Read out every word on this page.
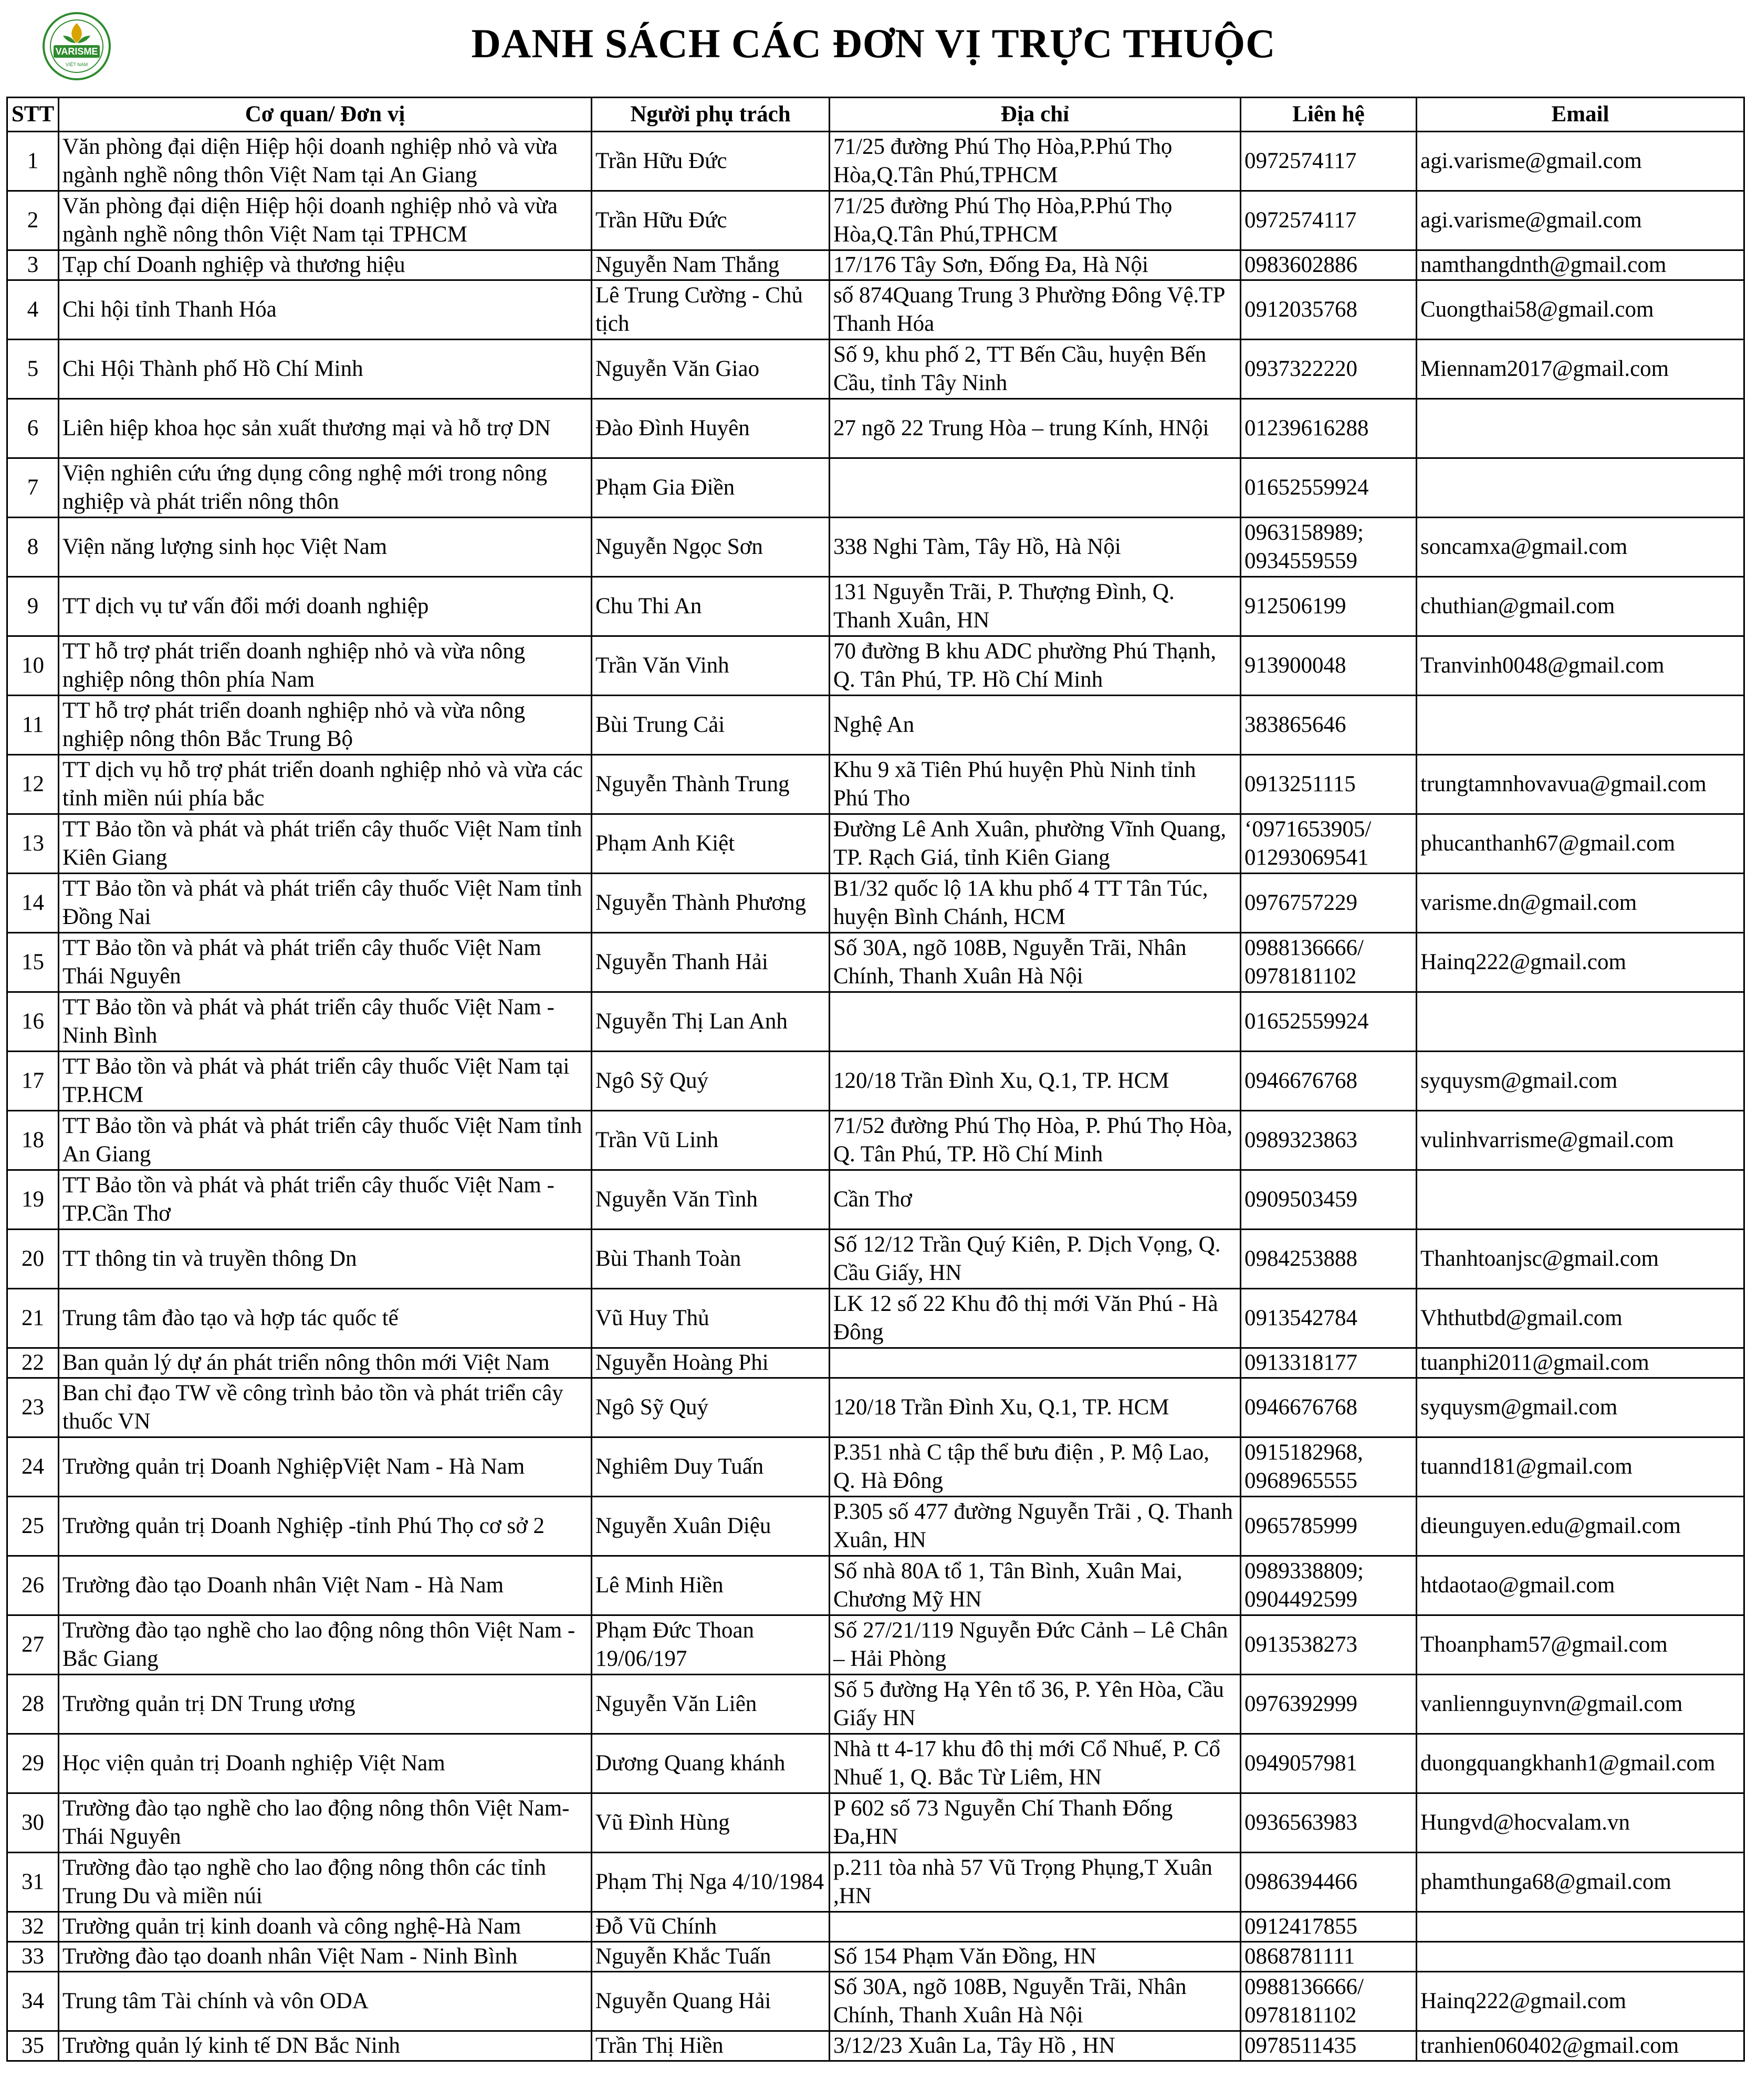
VARISME
VIỆT NAM	DANH SÁCH CÁC ĐƠN VỊ TRỰC THUỘC
STT	Cơ quan/ Đơn vị	Người phụ trách	Địa chỉ	Liên hệ	Email
1	Văn phòng đại diện Hiệp hội doanh nghiệp nhỏ và vừa ngành nghề nông thôn Việt Nam tại An Giang	Trần Hữu Đức	71/25 đường Phú Thọ Hòa,P.Phú Thọ Hòa,Q.Tân Phú,TPHCM	0972574117	agi.varisme@gmail.com
2	Văn phòng đại diện Hiệp hội doanh nghiệp nhỏ và vừa ngành nghề nông thôn Việt Nam tại TPHCM	Trần Hữu Đức	71/25 đường Phú Thọ Hòa,P.Phú Thọ Hòa,Q.Tân Phú,TPHCM	0972574117	agi.varisme@gmail.com
3	Tạp chí Doanh nghiệp và thương hiệu	Nguyễn Nam Thắng	17/176 Tây Sơn, Đống Đa, Hà Nội	0983602886	namthangdnth@gmail.com
4	Chi hội tỉnh Thanh Hóa	Lê Trung Cường - Chủ tịch	số 874Quang Trung 3 Phường Đông Vệ.TP Thanh Hóa	0912035768	Cuongthai58@gmail.com
5	Chi Hội Thành phố Hồ Chí Minh	Nguyễn Văn Giao	Số 9, khu phố 2, TT Bến Cầu, huyện Bến Cầu, tỉnh Tây Ninh	0937322220	Miennam2017@gmail.com
6	Liên hiệp khoa học sản xuất thương mại và hỗ trợ DN	Đào Đình Huyên	27 ngõ 22 Trung Hòa – trung Kính, HNội	01239616288	
7	Viện nghiên cứu ứng dụng công nghệ mới trong nông nghiệp và phát triển nông thôn	Phạm Gia Điền		01652559924	
8	Viện năng lượng sinh học Việt Nam	Nguyễn Ngọc Sơn	338 Nghi Tàm, Tây Hồ, Hà Nội	0963158989; 0934559559	soncamxa@gmail.com
9	TT dịch vụ tư vấn đổi mới doanh nghiệp	Chu Thi An	131 Nguyễn Trãi, P. Thượng Đình, Q. Thanh Xuân, HN	912506199	chuthian@gmail.com
10	TT hỗ trợ phát triển doanh nghiệp nhỏ và vừa nông nghiệp nông thôn phía Nam	Trần Văn Vinh	70 đường B khu ADC phường Phú Thạnh, Q. Tân Phú, TP. Hồ Chí Minh	913900048	Tranvinh0048@gmail.com
11	TT hỗ trợ phát triển doanh nghiệp nhỏ và vừa nông nghiệp nông thôn Bắc Trung Bộ	Bùi Trung Cải	Nghệ An	383865646	
12	TT dịch vụ hỗ trợ phát triển doanh nghiệp nhỏ và vừa các tỉnh miền núi phía bắc	Nguyễn Thành Trung	Khu 9 xã Tiên Phú huyện Phù Ninh tỉnh Phú Tho	0913251115	trungtamnhovavua@gmail.com
13	TT Bảo tồn và phát và phát triển cây thuốc Việt Nam tỉnh Kiên Giang	Phạm Anh Kiệt	Đường Lê Anh Xuân, phường Vĩnh Quang, TP. Rạch Giá, tỉnh Kiên Giang	‘0971653905/ 01293069541	phucanthanh67@gmail.com
14	TT Bảo tồn và phát và phát triển cây thuốc Việt Nam tỉnh Đồng Nai	Nguyễn Thành Phương	B1/32 quốc lộ 1A khu phố 4 TT Tân Túc, huyện Bình Chánh, HCM	0976757229	varisme.dn@gmail.com
15	TT Bảo tồn và phát và phát triển cây thuốc Việt Nam Thái Nguyên	Nguyễn Thanh Hải	Số 30A, ngõ 108B, Nguyễn Trãi, Nhân Chính, Thanh Xuân Hà Nội	0988136666/ 0978181102	Hainq222@gmail.com
16	TT Bảo tồn và phát và phát triển cây thuốc Việt Nam - Ninh Bình	Nguyễn Thị Lan Anh		01652559924	
17	TT Bảo tồn và phát và phát triển cây thuốc Việt Nam tại TP.HCM	Ngô Sỹ Quý	120/18 Trần Đình Xu, Q.1, TP. HCM	0946676768	syquysm@gmail.com
18	TT Bảo tồn và phát và phát triển cây thuốc Việt Nam tỉnh An Giang	Trần Vũ Linh	71/52 đường Phú Thọ Hòa, P. Phú Thọ Hòa, Q. Tân Phú, TP. Hồ Chí Minh	0989323863	vulinhvarrisme@gmail.com
19	TT Bảo tồn và phát và phát triển cây thuốc Việt Nam - TP.Cần Thơ	Nguyễn Văn Tình	Cần Thơ	0909503459	
20	TT thông tin và truyền thông Dn	Bùi Thanh Toàn	Số 12/12 Trần Quý Kiên, P. Dịch Vọng, Q. Cầu Giấy, HN	0984253888	Thanhtoanjsc@gmail.com
21	Trung tâm đào tạo và hợp tác quốc tế	Vũ Huy Thủ	LK 12 số 22 Khu đô thị mới Văn Phú - Hà Đông	0913542784	Vhthutbd@gmail.com
22	Ban quản lý dự án phát triển nông thôn mới Việt Nam	Nguyễn Hoàng Phi		0913318177	tuanphi2011@gmail.com
23	Ban chỉ đạo TW về công trình bảo tồn và phát triển cây thuốc VN	Ngô Sỹ Quý	120/18 Trần Đình Xu, Q.1, TP. HCM	0946676768	syquysm@gmail.com
24	Trường quản trị Doanh NghiệpViệt Nam - Hà Nam	Nghiêm Duy Tuấn	P.351 nhà C tập thể bưu điện , P. Mộ Lao, Q. Hà Đông	0915182968, 0968965555	tuannd181@gmail.com
25	Trường quản trị Doanh Nghiệp -tỉnh Phú Thọ cơ sở 2	Nguyễn Xuân Diệu	P.305 số 477 đường Nguyễn Trãi , Q. Thanh Xuân, HN	0965785999	dieunguyen.edu@gmail.com
26	Trường đào tạo Doanh nhân Việt Nam - Hà Nam	Lê Minh Hiền	Số nhà 80A tổ 1, Tân Bình, Xuân Mai, Chương Mỹ HN	0989338809; 0904492599	htdaotao@gmail.com
27	Trường đào tạo nghề cho lao động nông thôn Việt Nam - Bắc Giang	Phạm Đức Thoan 19/06/197	Số 27/21/119 Nguyễn Đức Cảnh – Lê Chân – Hải Phòng	0913538273	Thoanpham57@gmail.com
28	Trường quản trị DN Trung ương	Nguyễn Văn Liên	Số 5 đường Hạ Yên tổ 36, P. Yên Hòa, Cầu Giấy HN	0976392999	vanliennguynvn@gmail.com
29	Học viện quản trị Doanh nghiệp Việt Nam	Dương Quang khánh	Nhà tt 4-17 khu đô thị mới Cổ Nhuế, P. Cổ Nhuế 1, Q. Bắc Từ Liêm, HN	0949057981	duongquangkhanh1@gmail.com
30	Trường đào tạo nghề cho lao động nông thôn Việt Nam- Thái Nguyên	Vũ Đình Hùng	P 602 số 73 Nguyễn Chí Thanh Đống Đa,HN	0936563983	Hungvd@hocvalam.vn
31	Trường đào tạo nghề cho lao động nông thôn các tỉnh Trung Du và miền núi	Phạm Thị Nga 4/10/1984	p.211 tòa nhà 57 Vũ Trọng Phụng,T Xuân ,HN	0986394466	phamthunga68@gmail.com
32	Trường quản trị kinh doanh và công nghệ-Hà Nam	Đỗ Vũ Chính		0912417855	
33	Trường đào tạo doanh nhân Việt Nam - Ninh Bình	Nguyễn Khắc Tuấn	Số 154 Phạm Văn Đồng, HN	0868781111	
34	Trung tâm Tài chính và vôn ODA	Nguyễn Quang Hải	Số 30A, ngõ 108B, Nguyễn Trãi, Nhân Chính, Thanh Xuân Hà Nội	0988136666/ 0978181102	Hainq222@gmail.com
35	Trường quản lý kinh tế DN Bắc Ninh	Trần Thị Hiền	3/12/23 Xuân La, Tây Hồ , HN	0978511435	tranhien060402@gmail.com
